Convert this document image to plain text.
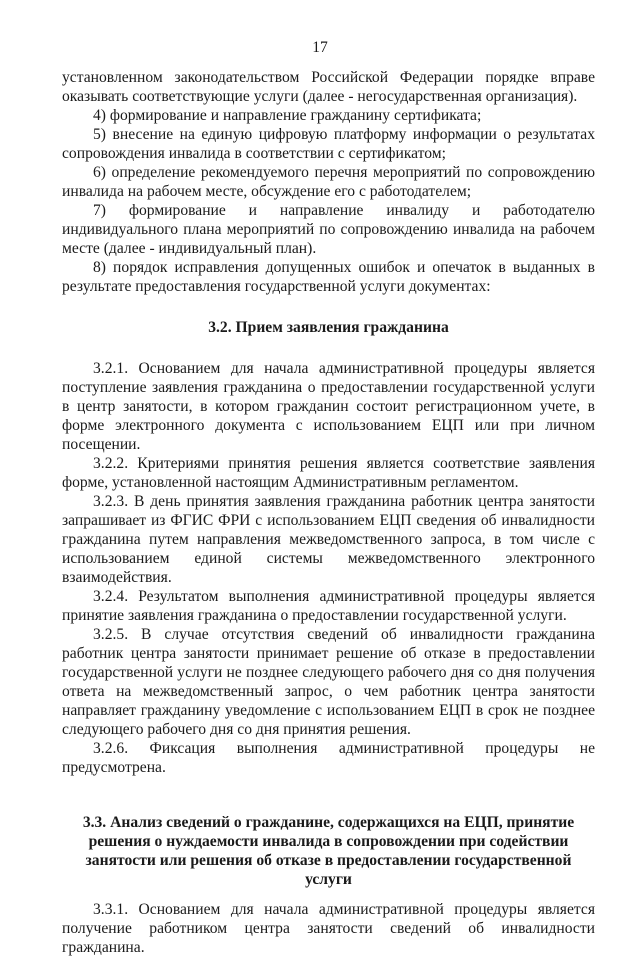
17

установленном законодательством Российской Федерации порядке вправе оказывать соответствующие услуги (далее - негосударственная организация).

4) формирование и направление гражданину сертификата;

5) внесение на единую цифровую платформу информации о результатах сопровождения инвалида в соответствии с сертификатом;

6) определение рекомендуемого перечня мероприятий по сопровождению инвалида на рабочем месте, обсуждение его с работодателем;

7) формирование и направление инвалиду и работодателю индивидуального плана мероприятий по сопровождению инвалида на рабочем месте (далее - индивидуальный план).

8) порядок исправления допущенных ошибок и опечаток в выданных в результате предоставления государственной услуги документах:

3.2. Прием заявления гражданина

3.2.1. Основанием для начала административной процедуры является поступление заявления гражданина о предоставлении государственной услуги в центр занятости, в котором гражданин состоит регистрационном учете, в форме электронного документа с использованием ЕЦП или при личном посещении.

3.2.2. Критериями принятия решения является соответствие заявления форме, установленной настоящим Административным регламентом.

3.2.3. В день принятия заявления гражданина работник центра занятости запрашивает из ФГИС ФРИ с использованием ЕЦП сведения об инвалидности гражданина путем направления межведомственного запроса, в том числе с использованием единой системы межведомственного электронного взаимодействия.

3.2.4. Результатом выполнения административной процедуры является принятие заявления гражданина о предоставлении государственной услуги.

3.2.5. В случае отсутствия сведений об инвалидности гражданина работник центра занятости принимает решение об отказе в предоставлении государственной услуги не позднее следующего рабочего дня со дня получения ответа на межведомственный запрос, о чем работник центра занятости направляет гражданину уведомление с использованием ЕЦП в срок не позднее следующего рабочего дня со дня принятия решения.

3.2.6. Фиксация выполнения административной процедуры не предусмотрена.

3.3. Анализ сведений о гражданине, содержащихся на ЕЦП, принятие решения о нуждаемости инвалида в сопровождении при содействии занятости или решения об отказе в предоставлении государственной услуги

3.3.1. Основанием для начала административной процедуры является получение работником центра занятости сведений об инвалидности гражданина.
